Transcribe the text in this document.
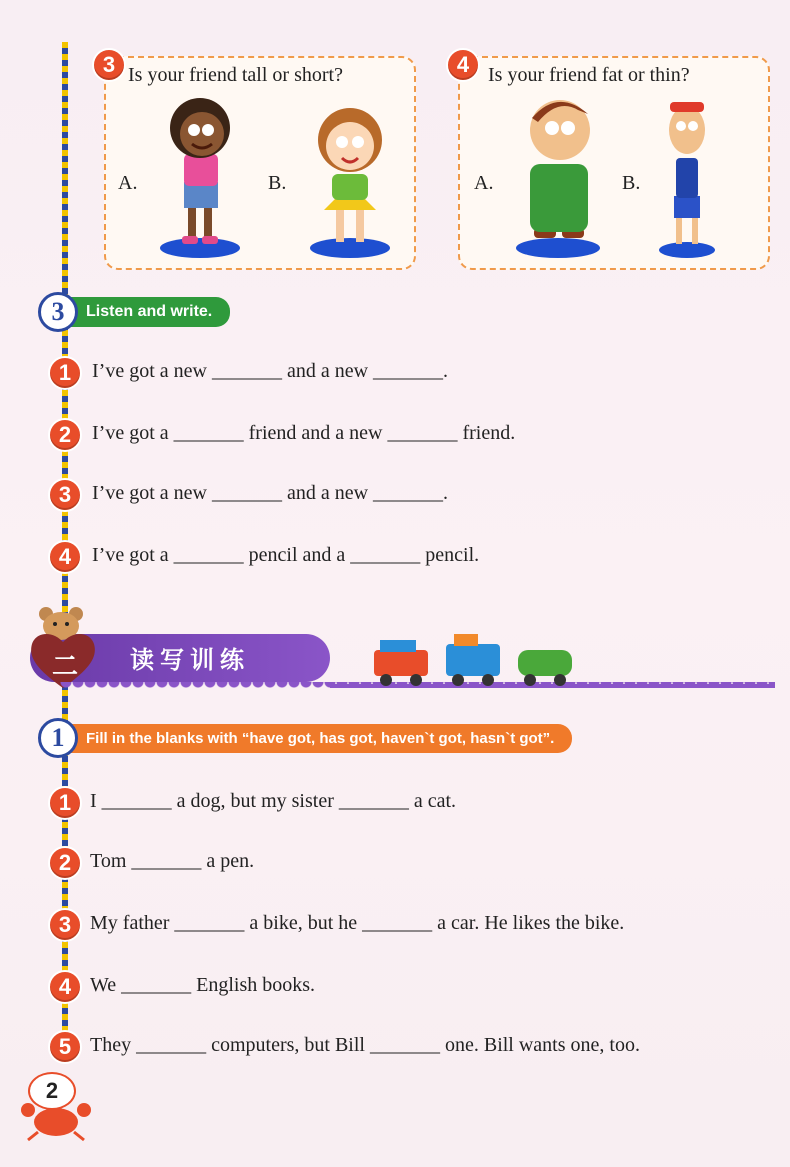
3 Is your friend tall or short?
A.	B.
4 Is your friend fat or thin?
A.	B.
3	Listen and write.
1	I’ve got a new _______ and a new _______.
2	I’ve got a _______ friend and a new _______ friend.
3	I’ve got a new _______ and a new _______.
4	I’ve got a _______ pencil and a _______ pencil.
二	读写训练
1	Fill in the blanks with “have got, has got, haven`t got, hasn`t got”.
1 I _______ a dog, but my sister _______ a cat.
2 Tom _______ a pen.
3 My father _______ a bike, but he _______ a car. He likes the bike.
4 We _______ English books.
5 They _______ computers, but Bill _______ one. Bill wants one, too.
2
